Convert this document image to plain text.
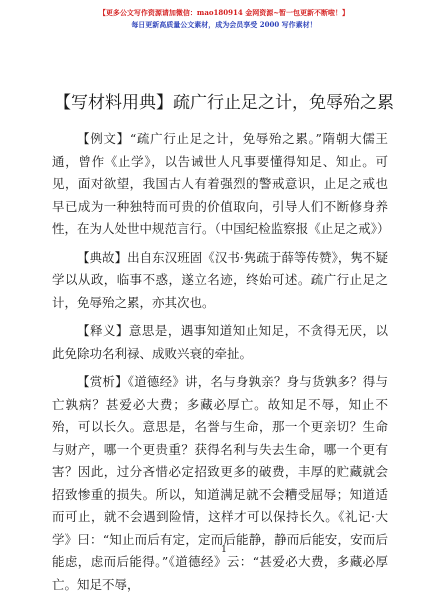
【更多公文写作资源请加微信：mao180914 金网资源~暂一包更新不断啦！】
每日更新高质量公文素材，成为会员享受 2000 写作素材！
【写材料用典】疏广行止足之计，免辱殆之累

【例文】“疏广行止足之计，免辱殆之累。”隋朝大儒王通，曾作《止学》，以告诫世人凡事要懂得知足、知止。可见，面对欲望，我国古人有着强烈的警戒意识，止足之戒也早已成为一种独特而可贵的价值取向，引导人们不断修身养性，在为人处世中规范言行。（中国纪检监察报《止足之戒》）

【典故】出自东汉班固《汉书·隽疏于薛等传赞》，隽不疑学以从政，临事不惑，遂立名迹，终始可述。疏广行止足之计，免辱殆之累，亦其次也。

【释义】意思是，遇事知道知止知足，不贪得无厌，以此免除功名利禄、成败兴衰的牵扯。

【赏析】《道德经》讲，名与身孰亲？身与货孰多？得与亡孰病？甚爱必大费；多藏必厚亡。故知足不辱，知止不殆，可以长久。意思是，名誉与生命，那一个更亲切？生命与财产，哪一个更贵重？获得名利与失去生命，哪一个更有害？因此，过分吝惜必定招致更多的破费，丰厚的贮藏就会招致惨重的损失。所以，知道满足就不会糟受屈辱；知道适而可止，就不会遇到险情，这样才可以保持长久。《礼记·大学》曰：“知止而后有定，定而后能静，静而后能安，安而后能虑，虑而后能得。”《道德经》云：“甚爱必大费，多藏必厚亡。知足不辱，

1
